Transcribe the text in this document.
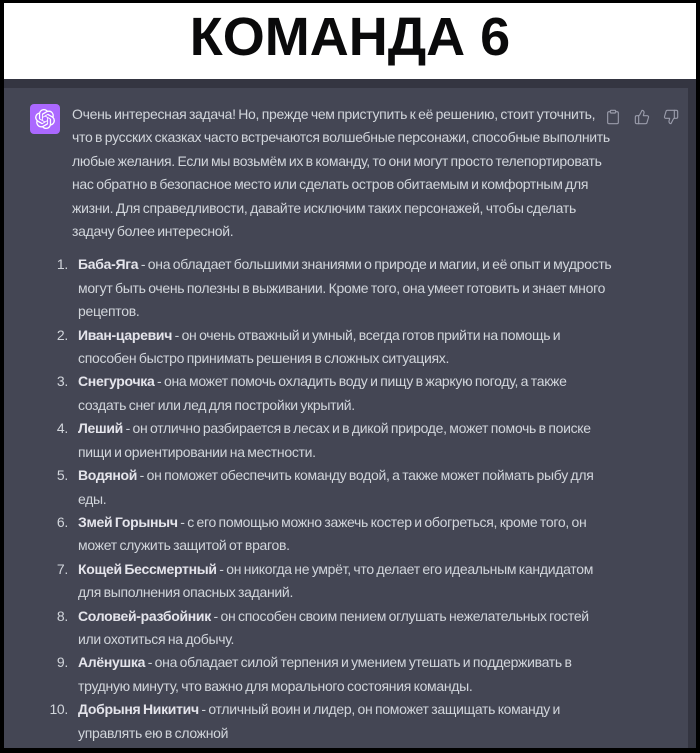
КОМАНДА 6

Очень интересная задача! Но, прежде чем приступить к её решению, стоит уточнить, что в русских сказках часто встречаются волшебные персонажи, способные выполнить любые желания. Если мы возьмём их в команду, то они могут просто телепортировать нас обратно в безопасное место или сделать остров обитаемым и комфортным для жизни. Для справедливости, давайте исключим таких персонажей, чтобы сделать задачу более интересной.

1. Баба-Яга - она обладает большими знаниями о природе и магии, и её опыт и мудрость могут быть очень полезны в выживании. Кроме того, она умеет готовить и знает много рецептов.
2. Иван-царевич - он очень отважный и умный, всегда готов прийти на помощь и способен быстро принимать решения в сложных ситуациях.
3. Снегурочка - она может помочь охладить воду и пищу в жаркую погоду, а также создать снег или лед для постройки укрытий.
4. Леший - он отлично разбирается в лесах и в дикой природе, может помочь в поиске пищи и ориентировании на местности.
5. Водяной - он поможет обеспечить команду водой, а также может поймать рыбу для еды.
6. Змей Горыныч - с его помощью можно зажечь костер и обогреться, кроме того, он может служить защитой от врагов.
7. Кощей Бессмертный - он никогда не умрёт, что делает его идеальным кандидатом для выполнения опасных заданий.
8. Соловей-разбойник - он способен своим пением оглушать нежелательных гостей или охотиться на добычу.
9. Алёнушка - она обладает силой терпения и умением утешать и поддерживать в трудную минуту, что важно для морального состояния команды.
10. Добрыня Никитич - отличный воин и лидер, он поможет защищать команду и управлять ею в сложной
